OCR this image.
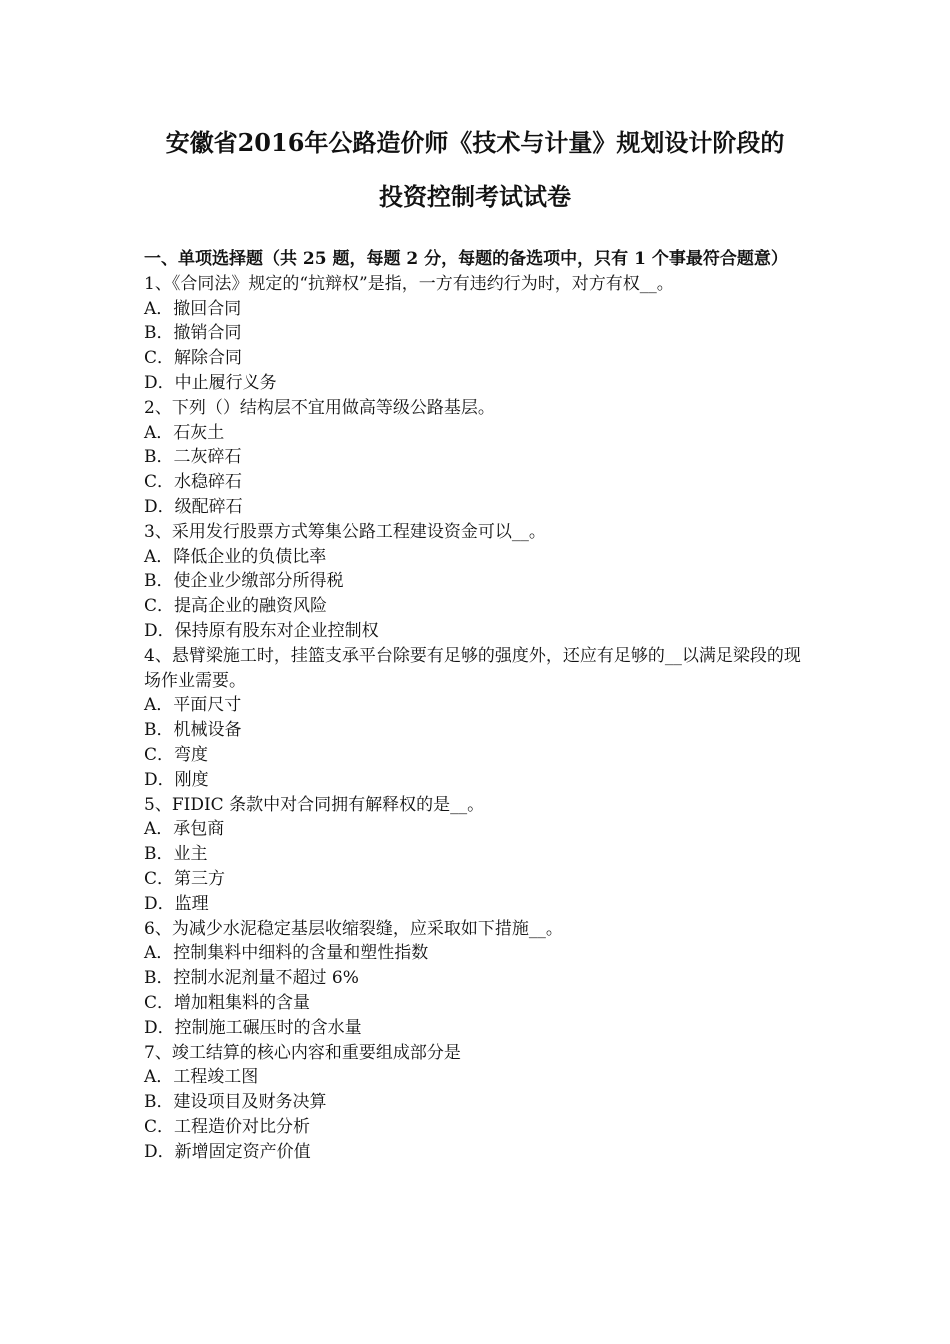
安徽省2016年公路造价师《技术与计量》规划设计阶段的
投资控制考试试卷
一、单项选择题（共 25 题，每题 2 分，每题的备选项中，只有 1 个事最符合题意）
1、《合同法》规定的“抗辩权”是指，一方有违约行为时，对方有权__。
A．撤回合同
B．撤销合同
C．解除合同
D．中止履行义务
2、下列（）结构层不宜用做高等级公路基层。
A．石灰土
B．二灰碎石
C．水稳碎石
D．级配碎石
3、采用发行股票方式筹集公路工程建设资金可以__。
A．降低企业的负债比率
B．使企业少缴部分所得税
C．提高企业的融资风险
D．保持原有股东对企业控制权
4、悬臂梁施工时，挂篮支承平台除要有足够的强度外，还应有足够的__以满足梁段的现场作业需要。
A．平面尺寸
B．机械设备
C．弯度
D．刚度
5、FIDIC 条款中对合同拥有解释权的是__。
A．承包商
B．业主
C．第三方
D．监理
6、为减少水泥稳定基层收缩裂缝，应采取如下措施__。
A．控制集料中细料的含量和塑性指数
B．控制水泥剂量不超过 6%
C．增加粗集料的含量
D．控制施工碾压时的含水量
7、竣工结算的核心内容和重要组成部分是
A．工程竣工图
B．建设项目及财务决算
C．工程造价对比分析
D．新增固定资产价值
